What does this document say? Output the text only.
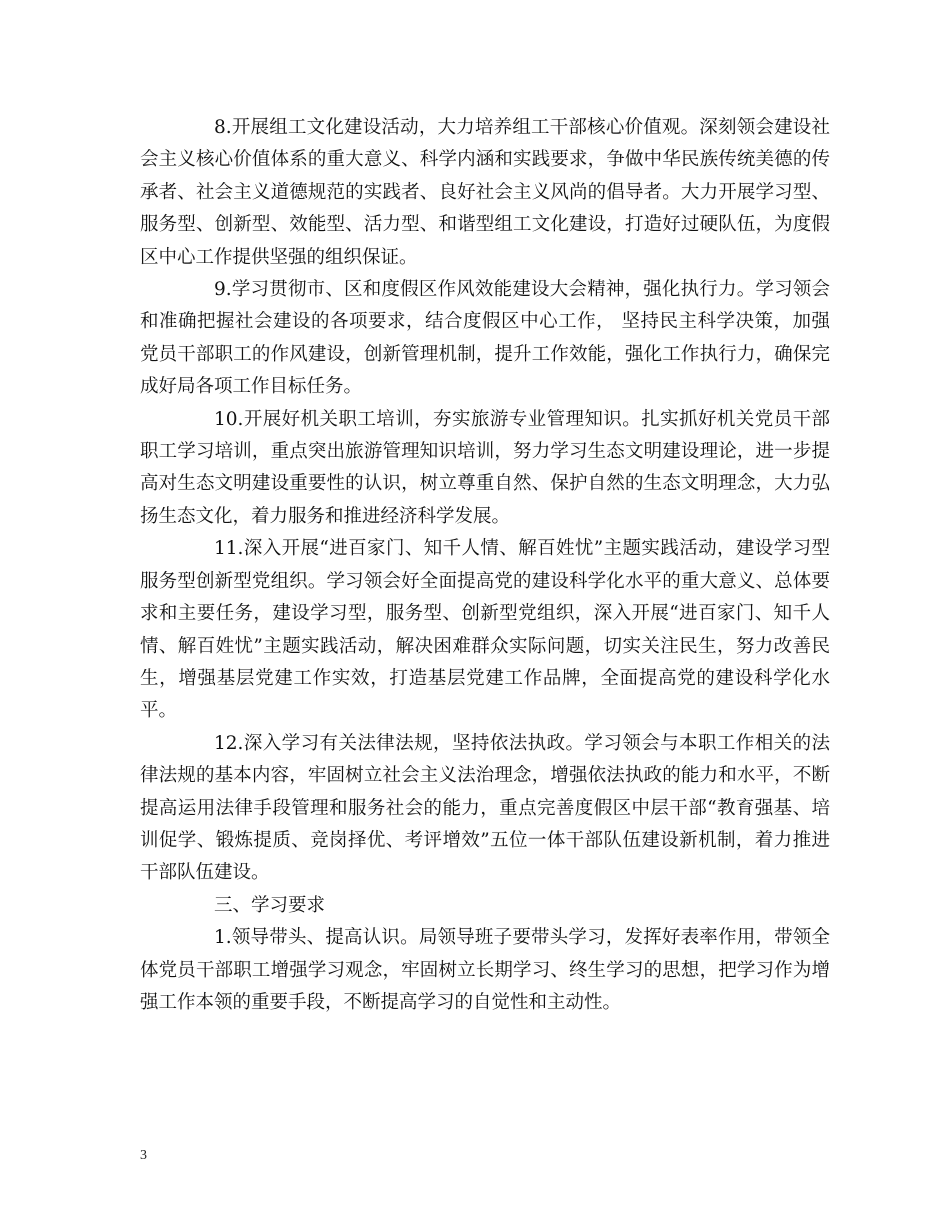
8.开展组工文化建设活动，大力培养组工干部核心价值观。深刻领会建设社会主义核心价值体系的重大意义、科学内涵和实践要求，争做中华民族传统美德的传承者、社会主义道德规范的实践者、良好社会主义风尚的倡导者。大力开展学习型、服务型、创新型、效能型、活力型、和谐型组工文化建设，打造好过硬队伍，为度假区中心工作提供坚强的组织保证。

9.学习贯彻市、区和度假区作风效能建设大会精神，强化执行力。学习领会和准确把握社会建设的各项要求，结合度假区中心工作， 坚持民主科学决策，加强党员干部职工的作风建设，创新管理机制，提升工作效能，强化工作执行力，确保完成好局各项工作目标任务。

10.开展好机关职工培训，夯实旅游专业管理知识。扎实抓好机关党员干部职工学习培训，重点突出旅游管理知识培训，努力学习生态文明建设理论，进一步提高对生态文明建设重要性的认识，树立尊重自然、保护自然的生态文明理念，大力弘扬生态文化，着力服务和推进经济科学发展。

11.深入开展“进百家门、知千人情、解百姓忧”主题实践活动，建设学习型服务型创新型党组织。学习领会好全面提高党的建设科学化水平的重大意义、总体要求和主要任务，建设学习型，服务型、创新型党组织，深入开展“进百家门、知千人情、解百姓忧”主题实践活动，解决困难群众实际问题，切实关注民生，努力改善民生，增强基层党建工作实效，打造基层党建工作品牌，全面提高党的建设科学化水平。

12.深入学习有关法律法规，坚持依法执政。学习领会与本职工作相关的法律法规的基本内容，牢固树立社会主义法治理念，增强依法执政的能力和水平，不断提高运用法律手段管理和服务社会的能力，重点完善度假区中层干部“教育强基、培训促学、锻炼提质、竞岗择优、考评增效”五位一体干部队伍建设新机制，着力推进干部队伍建设。

三、学习要求

1.领导带头、提高认识。局领导班子要带头学习，发挥好表率作用，带领全体党员干部职工增强学习观念，牢固树立长期学习、终生学习的思想，把学习作为增强工作本领的重要手段，不断提高学习的自觉性和主动性。

3
